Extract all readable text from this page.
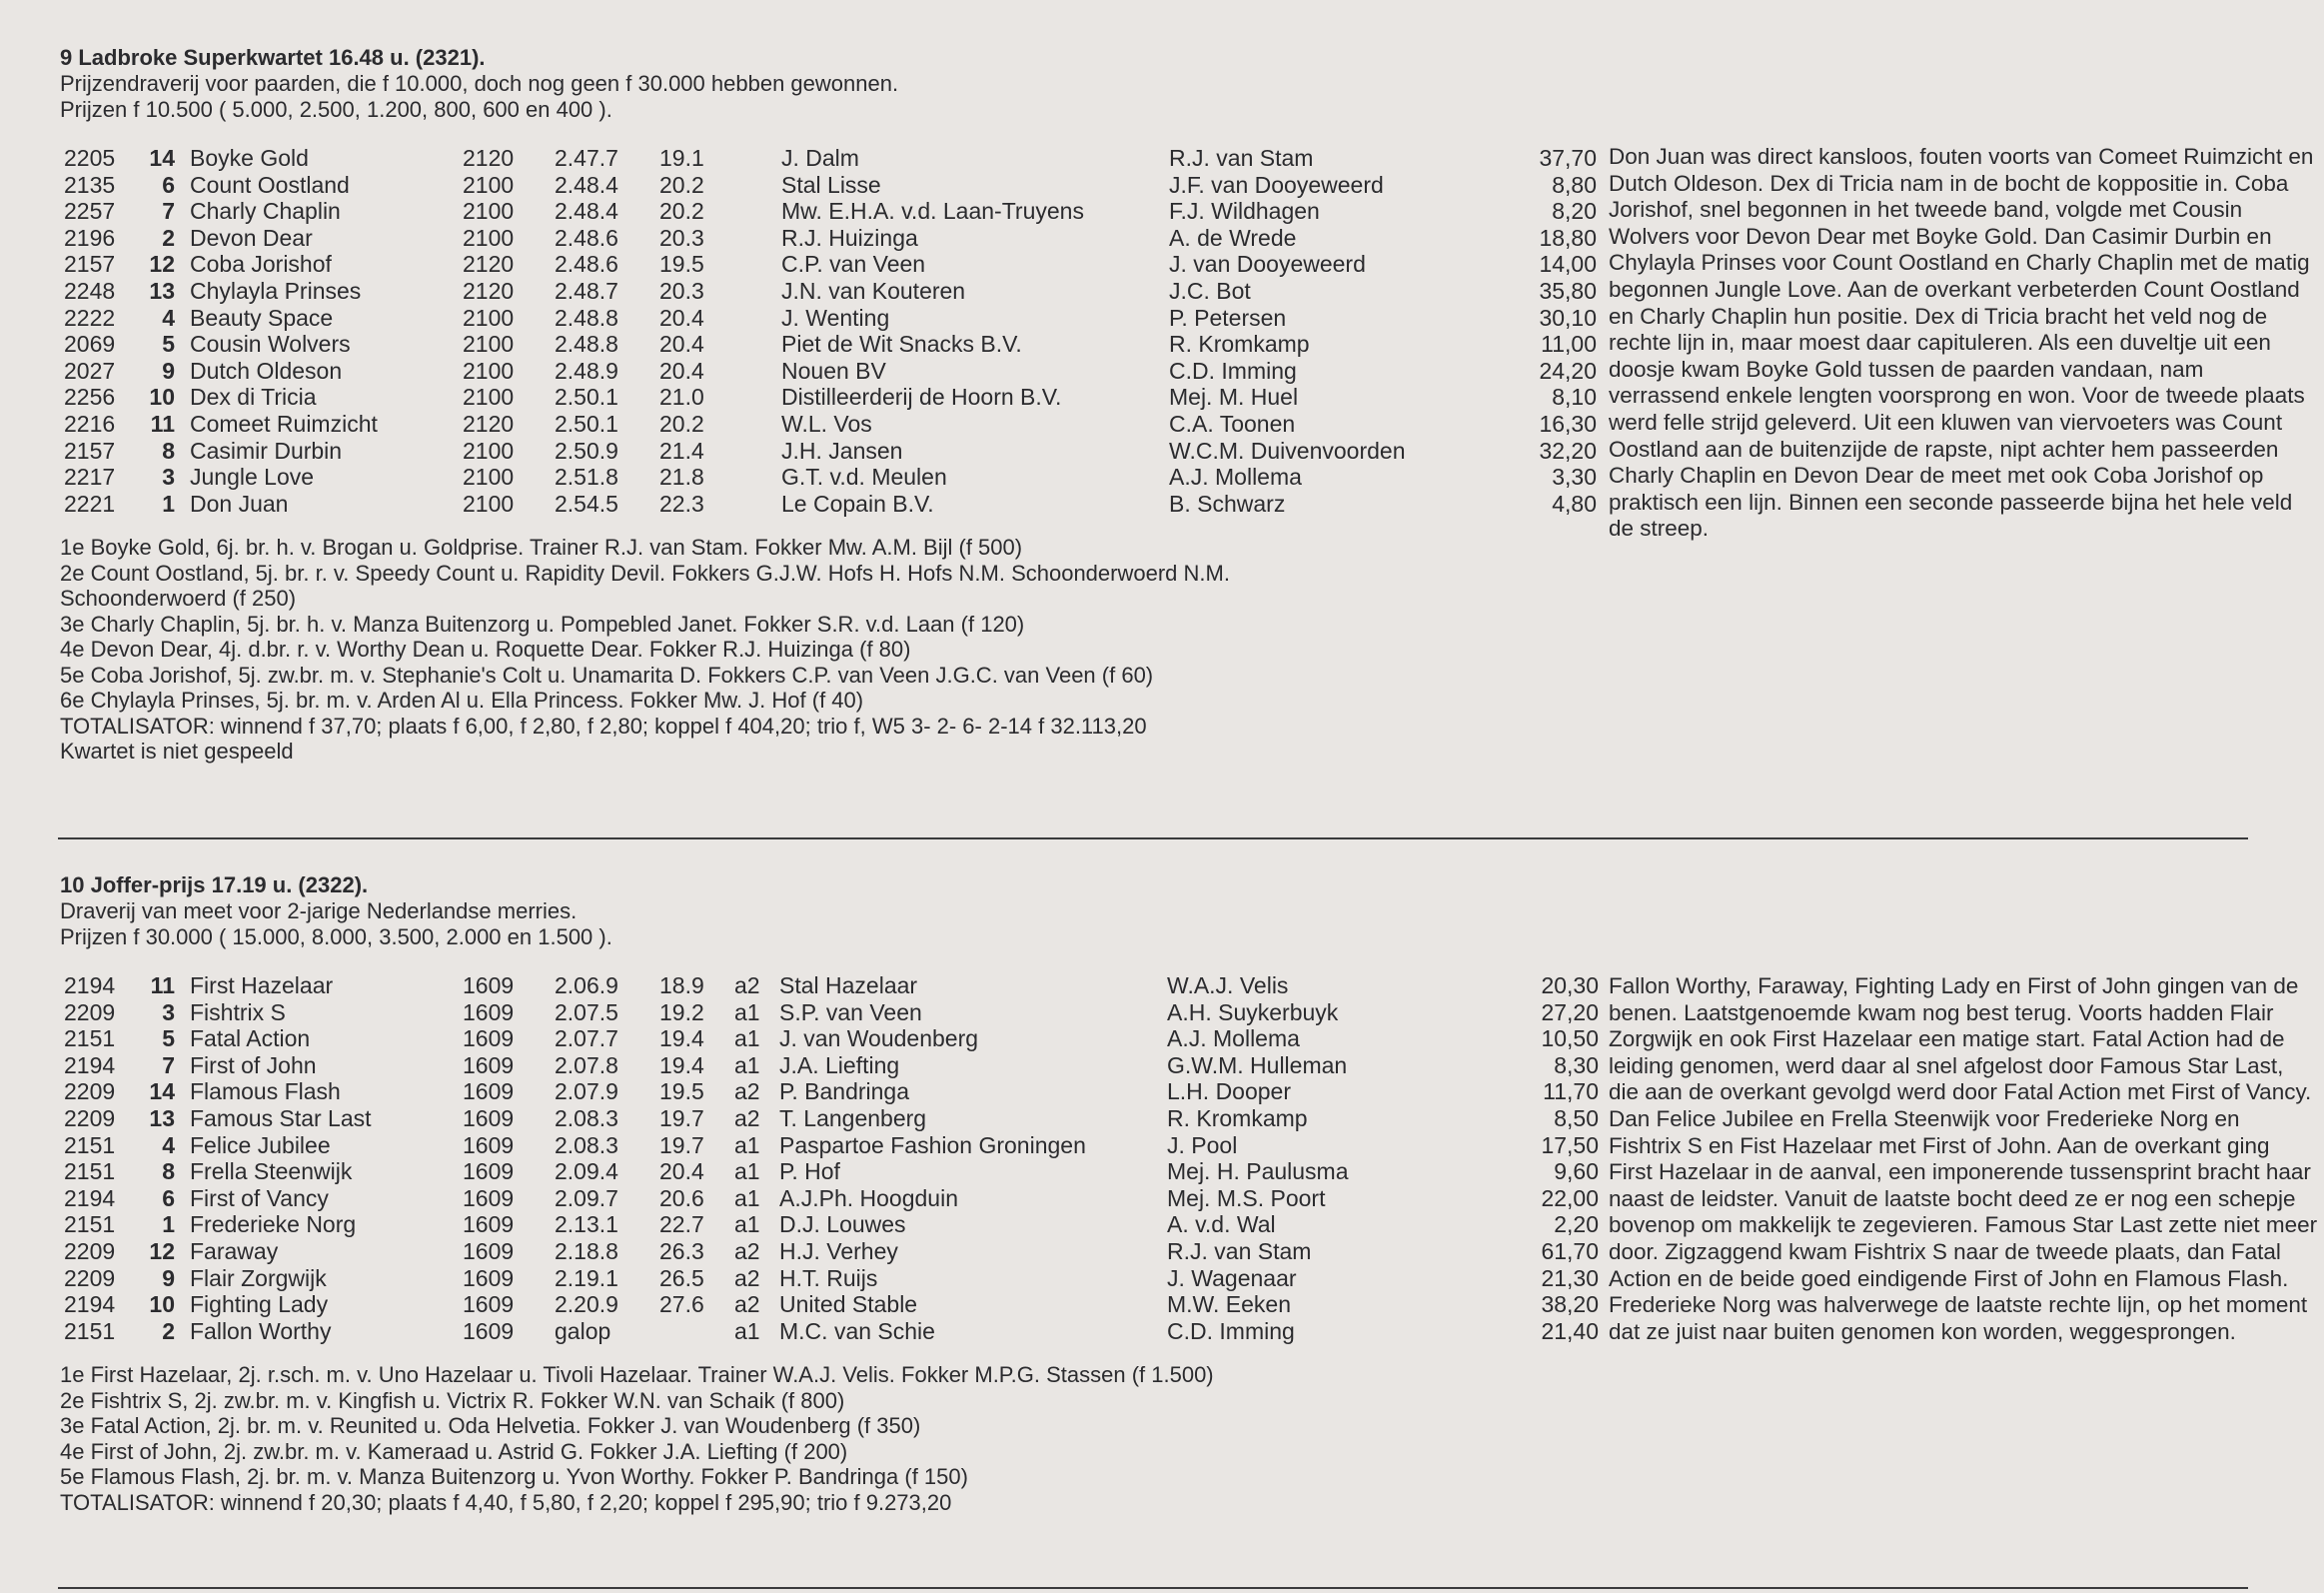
9 Ladbroke Superkwartet 16.48 u. (2321).

Prijzendraverij voor paarden, die f 10.000, doch nog geen f 30.000 hebben gewonnen.

Prijzen f 10.500 ( 5.000, 2.500, 1.200, 800, 600 en 400 ).

2205	14 Boyke Gold	2120 2.47.7 19.1	J. Dalm	R.J. van Stam	37,70
2135	6 Count Oostland	2100 2.48.4 20.2	Stal Lisse	J.F. van Dooyeweerd	8,80
2257	7 Charly Chaplin	2100 2.48.4 20.2	Mw. E.H.A. v.d. Laan-Truyens	F.J. Wildhagen	8,20
2196	2 Devon Dear	2100 2.48.6 20.3	R.J. Huizinga	A. de Wrede	18,80
2157	12 Coba Jorishof	2120 2.48.6 19.5	C.P. van Veen	J. van Dooyeweerd	14,00
2248	13 Chylayla Prinses	2120 2.48.7 20.3	J.N. van Kouteren	J.C. Bot	35,80
2222	4 Beauty Space	2100 2.48.8 20.4	J. Wenting	P. Petersen	30,10
2069	5 Cousin Wolvers	2100 2.48.8 20.4	Piet de Wit Snacks B.V.	R. Kromkamp	11,00
2027	9 Dutch Oldeson	2100 2.48.9 20.4	Nouen BV	C.D. Imming	24,20
2256	10 Dex di Tricia	2100 2.50.1 21.0	Distilleerderij de Hoorn B.V.	Mej. M. Huel	8,10
2216	11 Comeet Ruimzicht	2120 2.50.1 20.2	W.L. Vos	C.A. Toonen	16,30
2157	8 Casimir Durbin	2100 2.50.9 21.4	J.H. Jansen	W.C.M. Duivenvoorden	32,20
2217	3 Jungle Love	2100 2.51.8 21.8	G.T. v.d. Meulen	A.J. Mollema	3,30
2221	1 Don Juan	2100 2.54.5 22.3	Le Copain B.V.	B. Schwarz	4,80

1e Boyke Gold, 6j. br. h. v. Brogan u. Goldprise. Trainer R.J. van Stam. Fokker Mw. A.M. Bijl (f 500)

2e Count Oostland, 5j. br. r. v. Speedy Count u. Rapidity Devil. Fokkers G.J.W. Hofs H. Hofs N.M. Schoonderwoerd N.M.

Schoonderwoerd (f 250)

3e Charly Chaplin, 5j. br. h. v. Manza Buitenzorg u. Pompebled Janet. Fokker S.R. v.d. Laan (f 120)

4e Devon Dear, 4j. d.br. r. v. Worthy Dean u. Roquette Dear. Fokker R.J. Huizinga (f 80)

5e Coba Jorishof, 5j. zw.br. m. v. Stephanie's Colt u. Unamarita D. Fokkers C.P. van Veen J.G.C. van Veen (f 60)

6e Chylayla Prinses, 5j. br. m. v. Arden Al u. Ella Princess. Fokker Mw. J. Hof (f 40)

TOTALISATOR: winnend f 37,70; plaats f 6,00, f 2,80, f 2,80; koppel f 404,20; trio f, W5 3- 2- 6- 2-14 f 32.113,20

Kwartet is niet gespeeld

Don Juan was direct kansloos, fouten voorts van Comeet Ruimzicht en Dutch Oldeson. Dex di Tricia nam in de bocht de koppositie in. Coba Jorishof, snel begonnen in het tweede band, volgde met Cousin Wolvers voor Devon Dear met Boyke Gold. Dan Casimir Durbin en Chylayla Prinses voor Count Oostland en Charly Chaplin met de matig begonnen Jungle Love. Aan de overkant verbeterden Count Oostland en Charly Chaplin hun positie. Dex di Tricia bracht het veld nog de rechte lijn in, maar moest daar capituleren. Als een duveltje uit een doosje kwam Boyke Gold tussen de paarden vandaan, nam verrassend enkele lengten voorsprong en won. Voor de tweede plaats werd felle strijd geleverd. Uit een kluwen van viervoeters was Count Oostland aan de buitenzijde de rapste, nipt achter hem passeerden Charly Chaplin en Devon Dear de meet met ook Coba Jorishof op praktisch een lijn. Binnen een seconde passeerde bijna het hele veld de streep.

10 Joffer-prijs 17.19 u. (2322).

Draverij van meet voor 2-jarige Nederlandse merries.

Prijzen f 30.000 ( 15.000, 8.000, 3.500, 2.000 en 1.500 ).

2194	11 First Hazelaar	1609 2.06.9 18.9 a2 Stal Hazelaar	W.A.J. Velis	20,30
2209	3 Fishtrix S	1609 2.07.5 19.2 a1 S.P. van Veen	A.H. Suykerbuyk	27,20
2151	5 Fatal Action	1609 2.07.7 19.4 a1 J. van Woudenberg	A.J. Mollema	10,50
2194	7 First of John	1609 2.07.8 19.4 a1 J.A. Liefting	G.W.M. Hulleman	8,30
2209	14 Flamous Flash	1609 2.07.9 19.5 a2 P. Bandringa	L.H. Dooper	11,70
2209	13 Famous Star Last	1609 2.08.3 19.7 a2 T. Langenberg	R. Kromkamp	8,50
2151	4 Felice Jubilee	1609 2.08.3 19.7 a1 Paspartoe Fashion Groningen	J. Pool	17,50
2151	8 Frella Steenwijk	1609 2.09.4 20.4 a1 P. Hof	Mej. H. Paulusma	9,60
2194	6 First of Vancy	1609 2.09.7 20.6 a1 A.J.Ph. Hoogduin	Mej. M.S. Poort	22,00
2151	1 Frederieke Norg	1609 2.13.1 22.7 a1 D.J. Louwes	A. v.d. Wal	2,20
2209	12 Faraway	1609 2.18.8 26.3 a2 H.J. Verhey	R.J. van Stam	61,70
2209	9 Flair Zorgwijk	1609 2.19.1 26.5 a2 H.T. Ruijs	J. Wagenaar	21,30
2194	10 Fighting Lady	1609 2.20.9 27.6 a2 United Stable	M.W. Eeken	38,20
2151	2 Fallon Worthy	1609 galop	a1 M.C. van Schie	C.D. Imming	21,40

1e First Hazelaar, 2j. r.sch. m. v. Uno Hazelaar u. Tivoli Hazelaar. Trainer W.A.J. Velis. Fokker M.P.G. Stassen (f 1.500)

2e Fishtrix S, 2j. zw.br. m. v. Kingfish u. Victrix R. Fokker W.N. van Schaik (f 800)

3e Fatal Action, 2j. br. m. v. Reunited u. Oda Helvetia. Fokker J. van Woudenberg (f 350)

4e First of John, 2j. zw.br. m. v. Kameraad u. Astrid G. Fokker J.A. Liefting (f 200)

5e Flamous Flash, 2j. br. m. v. Manza Buitenzorg u. Yvon Worthy. Fokker P. Bandringa (f 150)

TOTALISATOR: winnend f 20,30; plaats f 4,40, f 5,80, f 2,20; koppel f 295,90; trio f 9.273,20

Fallon Worthy, Faraway, Fighting Lady en First of John gingen van de benen. Laatstgenoemde kwam nog best terug. Voorts hadden Flair Zorgwijk en ook First Hazelaar een matige start. Fatal Action had de leiding genomen, werd daar al snel afgelost door Famous Star Last, die aan de overkant gevolgd werd door Fatal Action met First of Vancy. Dan Felice Jubilee en Frella Steenwijk voor Frederieke Norg en Fishtrix S en Fist Hazelaar met First of John. Aan de overkant ging First Hazelaar in de aanval, een imponerende tussensprint bracht haar naast de leidster. Vanuit de laatste bocht deed ze er nog een schepje bovenop om makkelijk te zegevieren. Famous Star Last zette niet meer door. Zigzaggend kwam Fishtrix S naar de tweede plaats, dan Fatal Action en de beide goed eindigende First of John en Flamous Flash. Frederieke Norg was halverwege de laatste rechte lijn, op het moment dat ze juist naar buiten genomen kon worden, weggesprongen.
